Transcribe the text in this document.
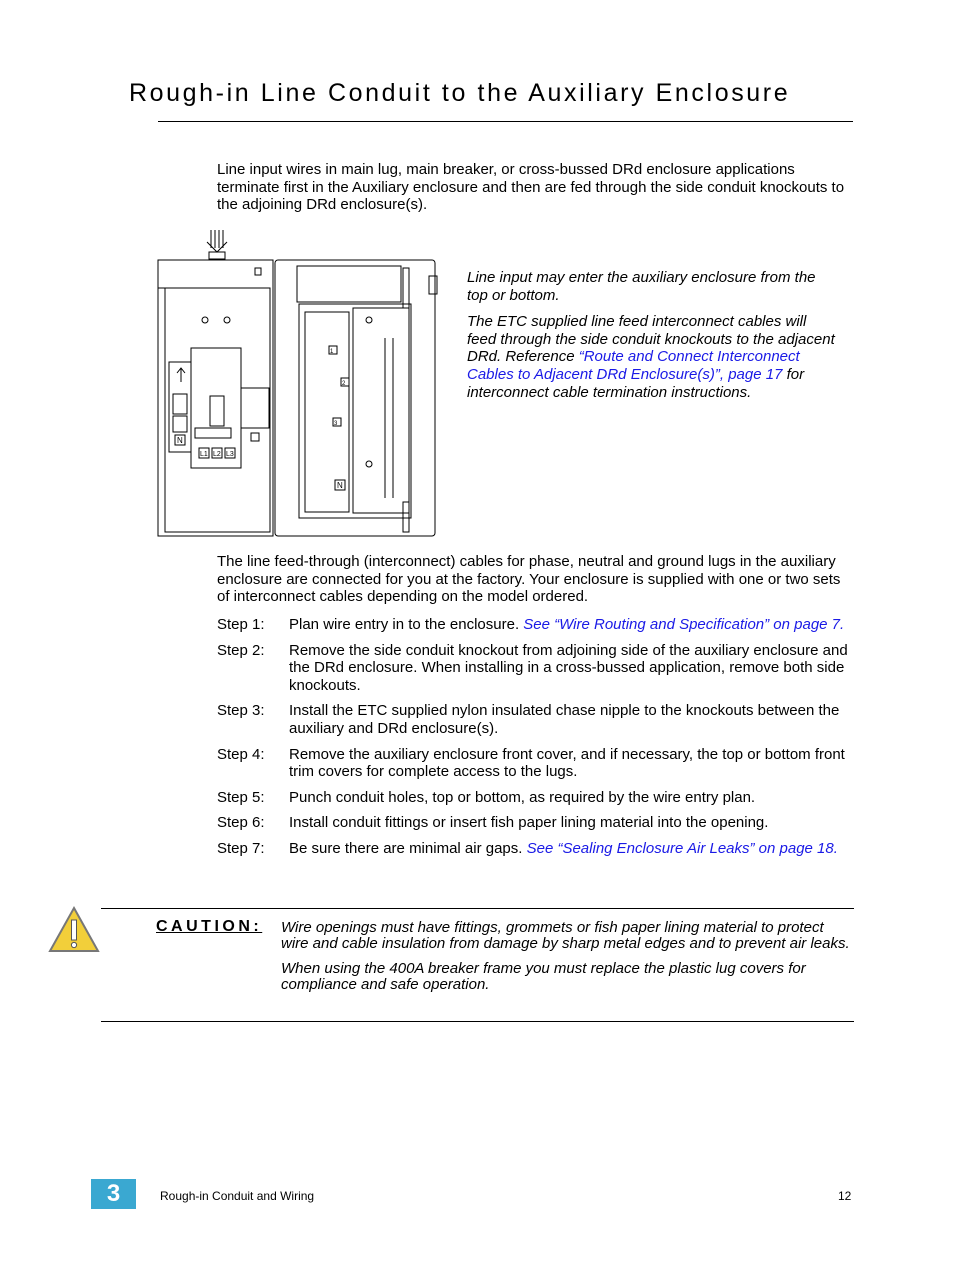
Rough-in Line Conduit to the Auxiliary Enclosure

Line input wires in main lug, main breaker, or cross-bussed DRd enclosure applications terminate first in the Auxiliary enclosure and then are fed through the side conduit knockouts to the adjoining DRd enclosure(s).

N
L1 L2 L3
1
2
3
N

Line input may enter the auxiliary enclosure from the top or bottom.

The ETC supplied line feed interconnect cables will feed through the side conduit knockouts to the adjacent DRd. Reference “Route and Connect Interconnect Cables to Adjacent DRd Enclosure(s)”, page 17 for interconnect cable termination instructions.

The line feed-through (interconnect) cables for phase, neutral and ground lugs in the auxiliary enclosure are connected for you at the factory. Your enclosure is supplied with one or two sets of interconnect cables depending on the model ordered.

Step 1:	Plan wire entry in to the enclosure. See “Wire Routing and Specification” on page 7.
Step 2:	Remove the side conduit knockout from adjoining side of the auxiliary enclosure and the DRd enclosure. When installing in a cross-bussed application, remove both side knockouts.
Step 3:	Install the ETC supplied nylon insulated chase nipple to the knockouts between the auxiliary and DRd enclosure(s).
Step 4:	Remove the auxiliary enclosure front cover, and if necessary, the top or bottom front trim covers for complete access to the lugs.
Step 5:	Punch conduit holes, top or bottom, as required by the wire entry plan.
Step 6:	Install conduit fittings or insert fish paper lining material into the opening.
Step 7:	Be sure there are minimal air gaps. See “Sealing Enclosure Air Leaks” on page 18.
CAUTION: Wire openings must have fittings, grommets or fish paper lining material to protect wire and cable insulation from damage by sharp metal edges and to prevent air leaks.

When using the 400A breaker frame you must replace the plastic lug covers for compliance and safe operation.

3	Rough-in Conduit and Wiring	12
